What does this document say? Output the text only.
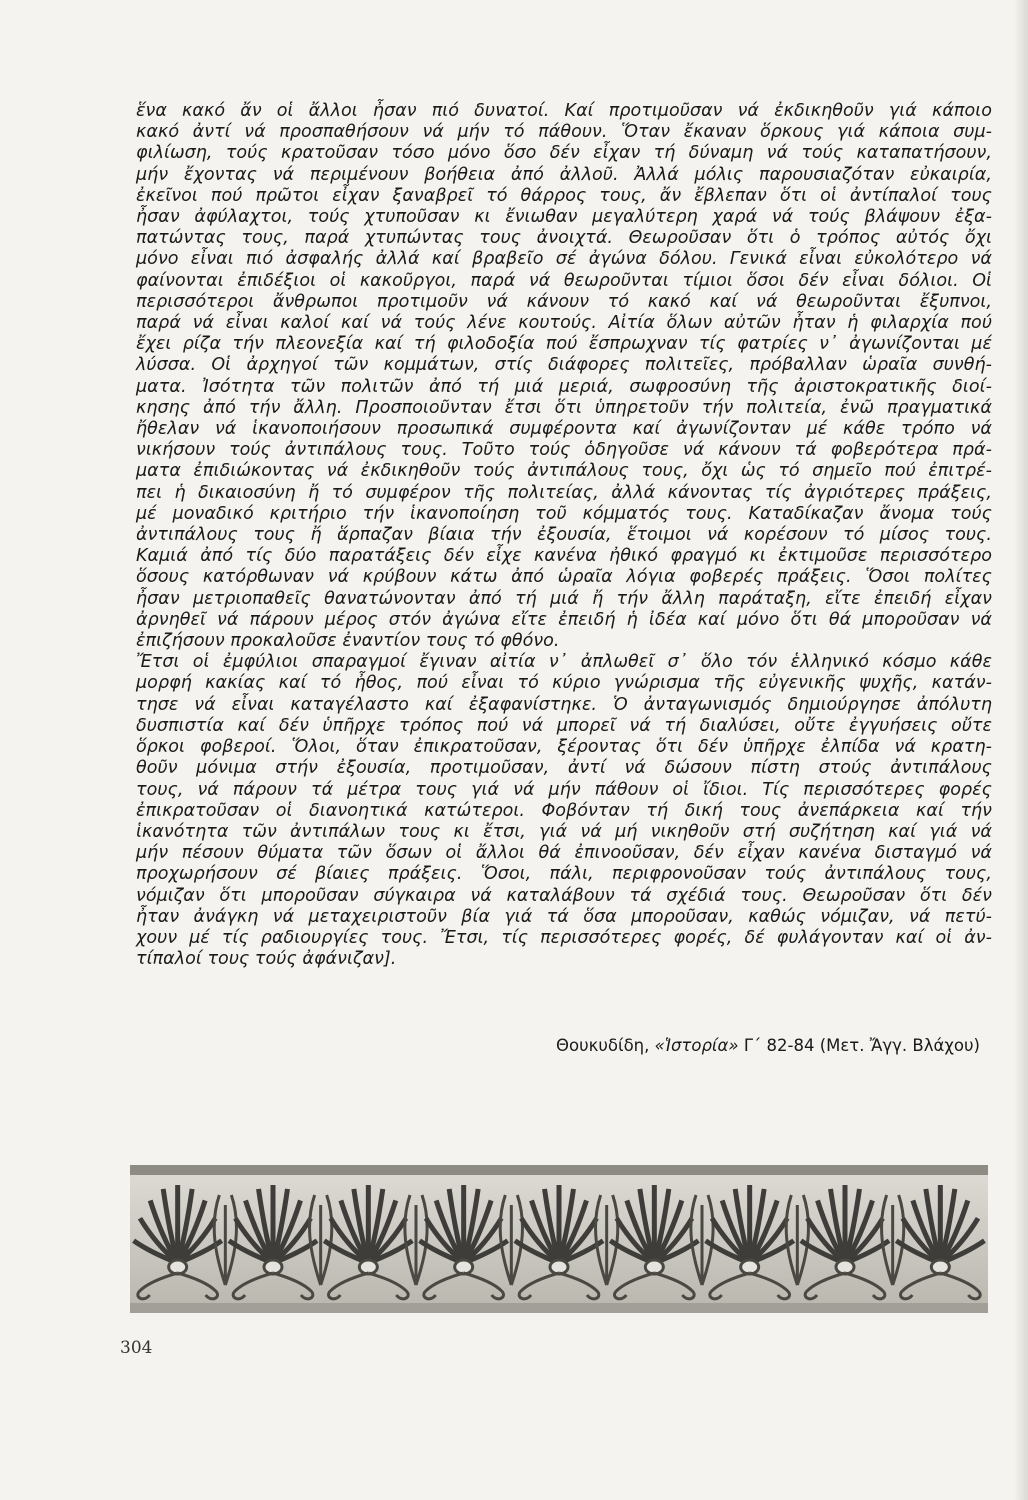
ἕνα κακό ἄν οἱ ἄλλοι ἦσαν πιό δυνατοί. Καί προτιμοῦσαν νά ἐκδικηθοῦν γιά κάποιο
κακό ἀντί νά προσπαθήσουν νά μήν τό πάθουν. Ὅταν ἔκαναν ὅρκους γιά κάποια συμ-
φιλίωση, τούς κρατοῦσαν τόσο μόνο ὅσο δέν εἶχαν τή δύναμη νά τούς καταπατήσουν,
μήν ἔχοντας νά περιμένουν βοήθεια ἀπό ἀλλοῦ. Ἀλλά μόλις παρουσιαζόταν εὐκαιρία,
ἐκεῖνοι πού πρῶτοι εἶχαν ξαναβρεῖ τό θάρρος τους, ἄν ἔβλεπαν ὅτι οἱ ἀντίπαλοί τους
ἦσαν ἀφύλαχτοι, τούς χτυποῦσαν κι ἔνιωθαν μεγαλύτερη χαρά νά τούς βλάψουν ἐξα-
πατώντας τους, παρά χτυπώντας τους ἀνοιχτά. Θεωροῦσαν ὅτι ὁ τρόπος αὐτός ὄχι
μόνο εἶναι πιό ἀσφαλής ἀλλά καί βραβεῖο σέ ἀγώνα δόλου. Γενικά εἶναι εὐκολότερο νά
φαίνονται ἐπιδέξιοι οἱ κακοῦργοι, παρά νά θεωροῦνται τίμιοι ὅσοι δέν εἶναι δόλιοι. Οἱ
περισσότεροι ἄνθρωποι προτιμοῦν νά κάνουν τό κακό καί νά θεωροῦνται ἔξυπνοι,
παρά νά εἶναι καλοί καί νά τούς λένε κουτούς. Αἰτία ὅλων αὐτῶν ἦταν ἡ φιλαρχία πού
ἔχει ρίζα τήν πλεονεξία καί τή φιλοδοξία πού ἔσπρωχναν τίς φατρίες ν᾿ ἀγωνίζονται μέ
λύσσα. Οἱ ἀρχηγοί τῶν κομμάτων, στίς διάφορες πολιτεῖες, πρόβαλλαν ὡραῖα συνθή-
ματα. Ἰσότητα τῶν πολιτῶν ἀπό τή μιά μεριά, σωφροσύνη τῆς ἀριστοκρατικῆς διοί-
κησης ἀπό τήν ἄλλη. Προσποιοῦνταν ἔτσι ὅτι ὑπηρετοῦν τήν πολιτεία, ἐνῶ πραγματικά
ἤθελαν νά ἱκανοποιήσουν προσωπικά συμφέροντα καί ἀγωνίζονταν μέ κάθε τρόπο νά
νικήσουν τούς ἀντιπάλους τους. Τοῦτο τούς ὁδηγοῦσε νά κάνουν τά φοβερότερα πρά-
ματα ἐπιδιώκοντας νά ἐκδικηθοῦν τούς ἀντιπάλους τους, ὄχι ὡς τό σημεῖο πού ἐπιτρέ-
πει ἡ δικαιοσύνη ἤ τό συμφέρον τῆς πολιτείας, ἀλλά κάνοντας τίς ἀγριότερες πράξεις,
μέ μοναδικό κριτήριο τήν ἱκανοποίηση τοῦ κόμματός τους. Καταδίκαζαν ἄνομα τούς
ἀντιπάλους τους ἤ ἅρπαζαν βίαια τήν ἐξουσία, ἕτοιμοι νά κορέσουν τό μίσος τους.
Καμιά ἀπό τίς δύο παρατάξεις δέν εἶχε κανένα ἠθικό φραγμό κι ἐκτιμοῦσε περισσότερο
ὅσους κατόρθωναν νά κρύβουν κάτω ἀπό ὡραῖα λόγια φοβερές πράξεις. Ὅσοι πολίτες
ἦσαν μετριοπαθεῖς θανατώνονταν ἀπό τή μιά ἤ τήν ἄλλη παράταξη, εἴτε ἐπειδή εἶχαν
ἀρνηθεῖ νά πάρουν μέρος στόν ἀγώνα εἴτε ἐπειδή ἡ ἰδέα καί μόνο ὅτι θά μποροῦσαν νά
ἐπιζήσουν προκαλοῦσε ἐναντίον τους τό φθόνο.
Ἔτσι οἱ ἐμφύλιοι σπαραγμοί ἔγιναν αἰτία ν᾿ ἀπλωθεῖ σ᾿ ὅλο τόν ἑλληνικό κόσμο κάθε
μορφή κακίας καί τό ἦθος, πού εἶναι τό κύριο γνώρισμα τῆς εὐγενικῆς ψυχῆς, κατάν-
τησε νά εἶναι καταγέλαστο καί ἐξαφανίστηκε. Ὁ ἀνταγωνισμός δημιούργησε ἀπόλυτη
δυσπιστία καί δέν ὑπῆρχε τρόπος πού νά μπορεῖ νά τή διαλύσει, οὔτε ἐγγυήσεις οὔτε
ὅρκοι φοβεροί. Ὅλοι, ὅταν ἐπικρατοῦσαν, ξέροντας ὅτι δέν ὑπῆρχε ἐλπίδα νά κρατη-
θοῦν μόνιμα στήν ἐξουσία, προτιμοῦσαν, ἀντί νά δώσουν πίστη στούς ἀντιπάλους
τους, νά πάρουν τά μέτρα τους γιά νά μήν πάθουν οἱ ἴδιοι. Τίς περισσότερες φορές
ἐπικρατοῦσαν οἱ διανοητικά κατώτεροι. Φοβόνταν τή δική τους ἀνεπάρκεια καί τήν
ἱκανότητα τῶν ἀντιπάλων τους κι ἔτσι, γιά νά μή νικηθοῦν στή συζήτηση καί γιά νά
μήν πέσουν θύματα τῶν ὅσων οἱ ἄλλοι θά ἐπινοοῦσαν, δέν εἶχαν κανένα δισταγμό νά
προχωρήσουν σέ βίαιες πράξεις. Ὅσοι, πάλι, περιφρονοῦσαν τούς ἀντιπάλους τους,
νόμιζαν ὅτι μποροῦσαν σύγκαιρα νά καταλάβουν τά σχέδιά τους. Θεωροῦσαν ὅτι δέν
ἦταν ἀνάγκη νά μεταχειριστοῦν βία γιά τά ὅσα μποροῦσαν, καθώς νόμιζαν, νά πετύ-
χουν μέ τίς ραδιουργίες τους. Ἔτσι, τίς περισσότερες φορές, δέ φυλάγονταν καί οἱ ἀν-
τίπαλοί τους τούς ἀφάνιζαν].
Θουκυδίδη, «Ἱστορία» Γ΄ 82-84 (Μετ. Ἄγγ. Βλάχου)
304
